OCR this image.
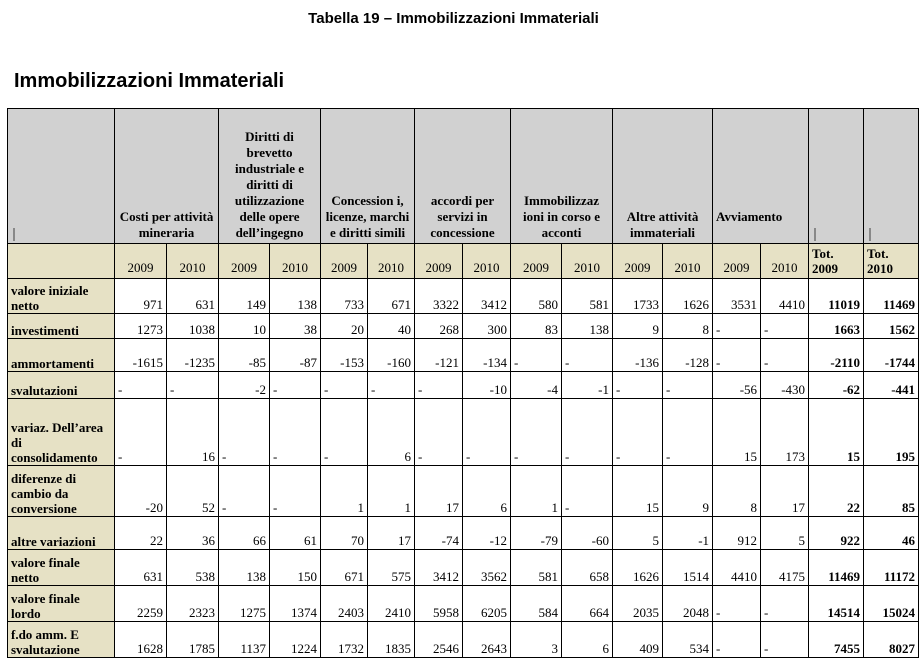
Tabella 19 – Immobilizzazioni Immateriali
Immobilizzazioni Immateriali
	Costi per attività mineraria		Diritti di brevetto industriale e diritti di utilizzazione delle opere dell’ingegno		Concession i, licenze, marchi e diritti simili		accordi per servizi in concessione		Immobilizzaz ioni in corso e acconti		Altre attività immateriali		Avviamento			
	2009	2010	2009	2010	2009	2010	2009	2010	2009	2010	2009	2010	2009	2010	Tot. 2009	Tot. 2010
valore iniziale netto	971	631	149	138	733	671	3322	3412	580	581	1733	1626	3531	4410	11019	11469
investimenti	1273	1038	10	38	20	40	268	300	83	138	9	8	-	-	1663	1562
ammortamenti	-1615	-1235	-85	-87	-153	-160	-121	-134	-	-	-136	-128	-	-	-2110	-1744
svalutazioni	-	-	-2	-	-	-	-	-10	-4	-1	-	-	-56	-430	-62	-441
variaz. Dell’area di consolidamento	-	16	-	-	-	6	-	-	-	-	-	-	15	173	15	195
diferenze di cambio da conversione	-20	52	-	-	1	1	17	6	1	-	15	9	8	17	22	85
altre variazioni	22	36	66	61	70	17	-74	-12	-79	-60	5	-1	912	5	922	46
valore finale netto	631	538	138	150	671	575	3412	3562	581	658	1626	1514	4410	4175	11469	11172
valore finale lordo	2259	2323	1275	1374	2403	2410	5958	6205	584	664	2035	2048	-	-	14514	15024
f.do amm. E svalutazione	1628	1785	1137	1224	1732	1835	2546	2643	3	6	409	534	-	-	7455	8027
